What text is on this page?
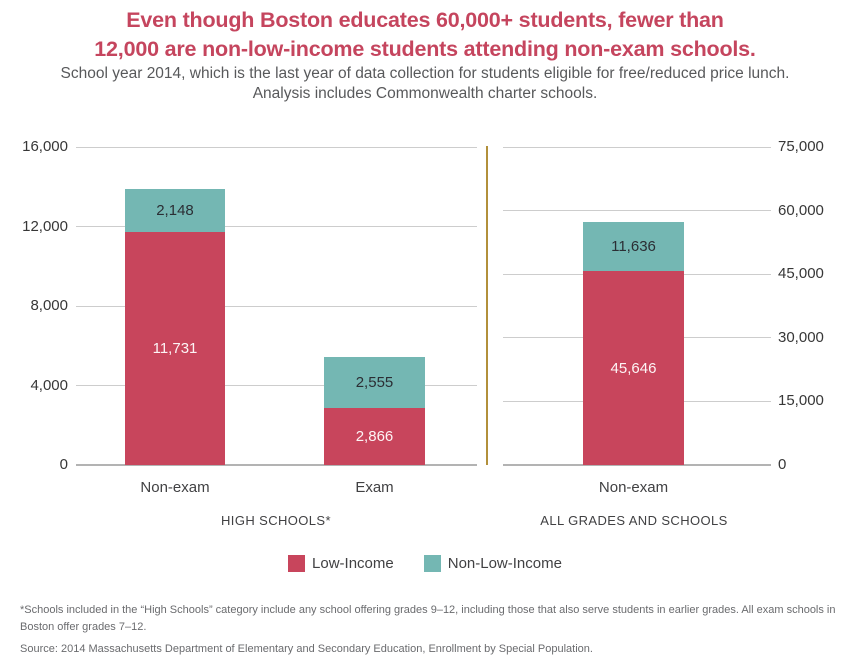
Even though Boston educates 60,000+ students, fewer than
12,000 are non-low-income students attending non-exam schools.
School year 2014, which is the last year of data collection for students eligible for free/reduced price lunch.
Analysis includes Commonwealth charter schools.
0
4,000
8,000
12,000
16,000
11,731
2,148
Non-exam
2,866
2,555
Exam
HIGH SCHOOLS*
0
15,000
30,000
45,000
60,000
75,000
45,646
11,636
Non-exam
ALL GRADES AND SCHOOLS
Low-Income	Non-Low-Income
*Schools included in the “High Schools” category include any school offering grades 9–12, including those that also serve students in earlier grades. All exam schools in Boston offer grades 7–12.
Source: 2014 Massachusetts Department of Elementary and Secondary Education, Enrollment by Special Population.
